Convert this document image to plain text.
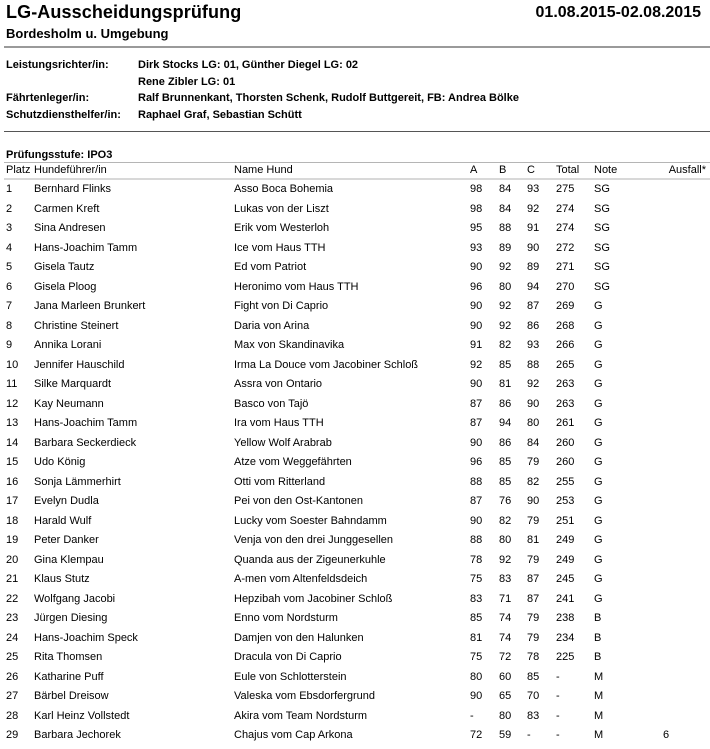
LG-Ausscheidungsprüfung	01.08.2015-02.08.2015
Bordesholm u. Umgebung
Leistungsrichter/in:	Dirk Stocks LG: 01, Günther Diegel LG: 02
Rene Zibler LG: 01
Fährtenleger/in:	Ralf Brunnenkant, Thorsten Schenk, Rudolf Buttgereit, FB: Andrea Bölke
Schutzdiensthelfer/in:	Raphael Graf, Sebastian Schütt
Prüfungsstufe: IPO3
Platz	Hundeführer/in	Name Hund	A	B	C	Total	Note	Ausfall*
1	Bernhard Flinks	Asso Boca Bohemia	98	84	93	275	SG	
2	Carmen Kreft	Lukas von der Liszt	98	84	92	274	SG	
3	Sina Andresen	Erik vom Westerloh	95	88	91	274	SG	
4	Hans-Joachim Tamm	Ice vom Haus TTH	93	89	90	272	SG	
5	Gisela Tautz	Ed vom Patriot	90	92	89	271	SG	
6	Gisela Ploog	Heronimo vom Haus TTH	96	80	94	270	SG	
7	Jana Marleen Brunkert	Fight von Di Caprio	90	92	87	269	G	
8	Christine Steinert	Daria von Arina	90	92	86	268	G	
9	Annika Lorani	Max von Skandinavika	91	82	93	266	G	
10	Jennifer Hauschild	Irma La Douce vom Jacobiner Schloß	92	85	88	265	G	
11	Silke Marquardt	Assra von Ontario	90	81	92	263	G	
12	Kay Neumann	Basco von Tajö	87	86	90	263	G	
13	Hans-Joachim Tamm	Ira vom Haus TTH	87	94	80	261	G	
14	Barbara Seckerdieck	Yellow Wolf Arabrab	90	86	84	260	G	
15	Udo König	Atze vom Weggefährten	96	85	79	260	G	
16	Sonja Lämmerhirt	Otti vom Ritterland	88	85	82	255	G	
17	Evelyn Dudla	Pei von den Ost-Kantonen	87	76	90	253	G	
18	Harald Wulf	Lucky vom Soester Bahndamm	90	82	79	251	G	
19	Peter Danker	Venja von den drei Junggesellen	88	80	81	249	G	
20	Gina Klempau	Quanda aus der Zigeunerkuhle	78	92	79	249	G	
21	Klaus Stutz	A-men vom Altenfeldsdeich	75	83	87	245	G	
22	Wolfgang Jacobi	Hepzibah vom Jacobiner Schloß	83	71	87	241	G	
23	Jürgen Diesing	Enno vom Nordsturm	85	74	79	238	B	
24	Hans-Joachim Speck	Damjen von den Halunken	81	74	79	234	B	
25	Rita Thomsen	Dracula von Di Caprio	75	72	78	225	B	
26	Katharine Puff	Eule von Schlotterstein	80	60	85	-	M	
27	Bärbel Dreisow	Valeska vom Ebsdorfergrund	90	65	70	-	M	
28	Karl Heinz Vollstedt	Akira vom Team Nordsturm	-	80	83	-	M	
29	Barbara Jechorek	Chajus vom Cap Arkona	72	59	-	-	M	6
